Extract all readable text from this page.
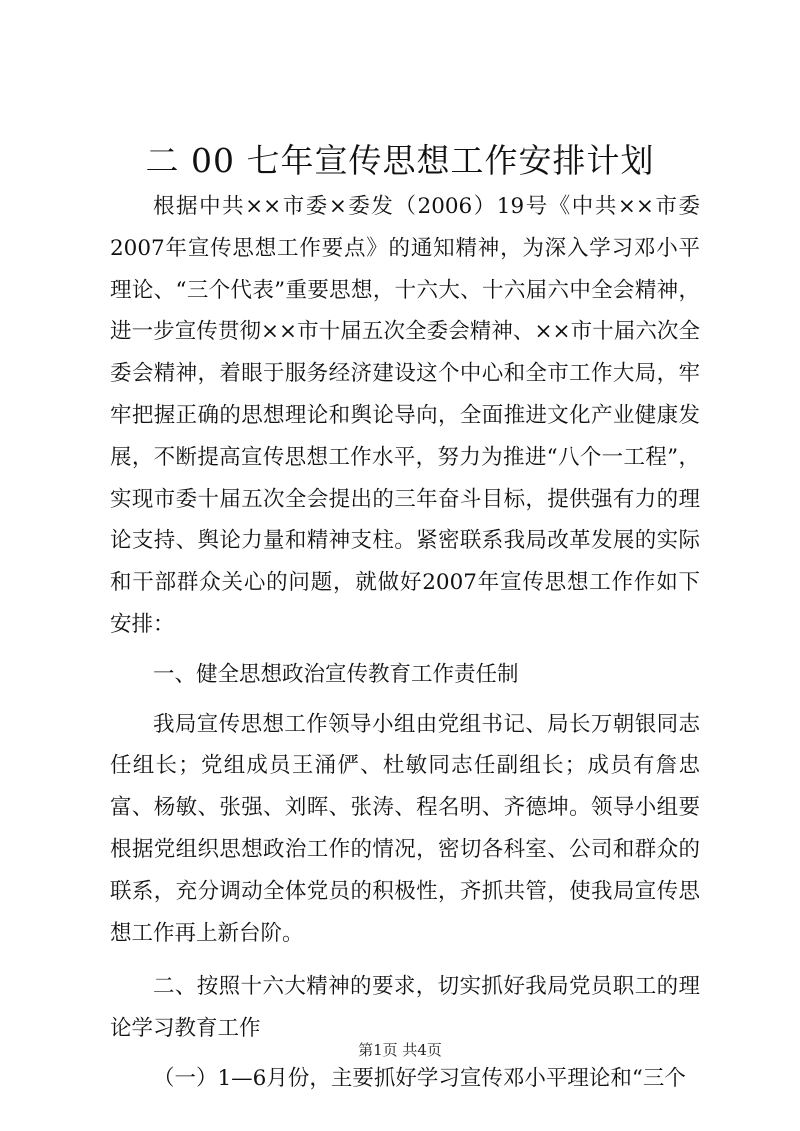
二 00 七年宣传思想工作安排计划

根据中共××市委×委发（2006）19号《中共××市委2007年宣传思想工作要点》的通知精神，为深入学习邓小平理论、“三个代表”重要思想，十六大、十六届六中全会精神，进一步宣传贯彻××市十届五次全委会精神、××市十届六次全委会精神，着眼于服务经济建设这个中心和全市工作大局，牢牢把握正确的思想理论和舆论导向，全面推进文化产业健康发展，不断提高宣传思想工作水平，努力为推进“八个一工程”，实现市委十届五次全会提出的三年奋斗目标，提供强有力的理论支持、舆论力量和精神支柱。紧密联系我局改革发展的实际和干部群众关心的问题，就做好2007年宣传思想工作作如下安排：

一、健全思想政治宣传教育工作责任制

我局宣传思想工作领导小组由党组书记、局长万朝银同志任组长；党组成员王涌俨、杜敏同志任副组长；成员有詹忠富、杨敏、张强、刘晖、张涛、程名明、齐德坤。领导小组要根据党组织思想政治工作的情况，密切各科室、公司和群众的联系，充分调动全体党员的积极性，齐抓共管，使我局宣传思想工作再上新台阶。

二、按照十六大精神的要求，切实抓好我局党员职工的理论学习教育工作

（一）1—6月份，主要抓好学习宣传邓小平理论和“三个

第1页 共4页
